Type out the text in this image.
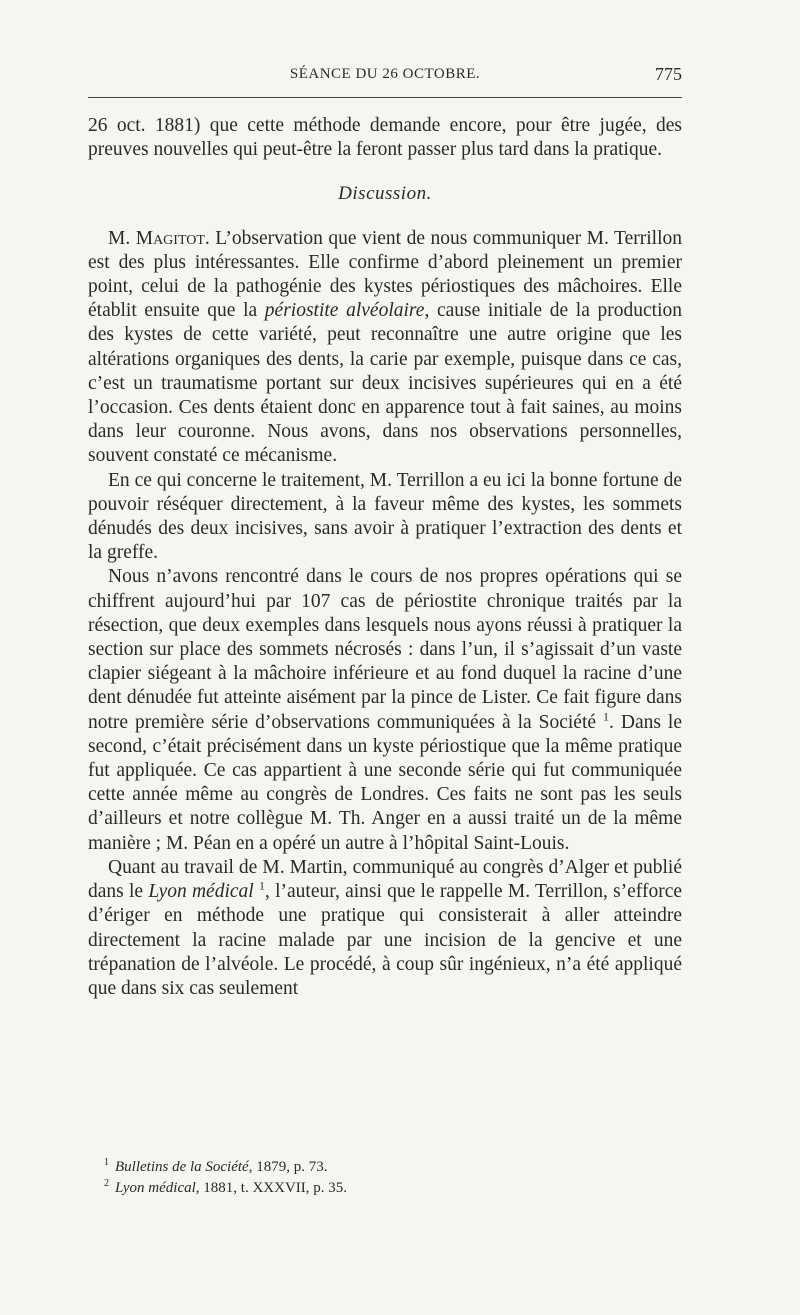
SÉANCE DU 26 OCTOBRE.	775

26 oct. 1881) que cette méthode demande encore, pour être jugée, des preuves nouvelles qui peut-être la feront passer plus tard dans la pratique.

Discussion.

M. Magitot. L’observation que vient de nous communiquer M. Terrillon est des plus intéressantes. Elle confirme d’abord pleinement un premier point, celui de la pathogénie des kystes périostiques des mâchoires. Elle établit ensuite que la périostite alvéolaire, cause initiale de la production des kystes de cette variété, peut reconnaître une autre origine que les altérations organiques des dents, la carie par exemple, puisque dans ce cas, c’est un traumatisme portant sur deux incisives supérieures qui en a été l’occasion. Ces dents étaient donc en apparence tout à fait saines, au moins dans leur couronne. Nous avons, dans nos observations personnelles, souvent constaté ce mécanisme.

En ce qui concerne le traitement, M. Terrillon a eu ici la bonne fortune de pouvoir réséquer directement, à la faveur même des kystes, les sommets dénudés des deux incisives, sans avoir à pratiquer l’extraction des dents et la greffe.

Nous n’avons rencontré dans le cours de nos propres opérations qui se chiffrent aujourd’hui par 107 cas de périostite chronique traités par la résection, que deux exemples dans lesquels nous ayons réussi à pratiquer la section sur place des sommets nécrosés : dans l’un, il s’agissait d’un vaste clapier siégeant à la mâchoire inférieure et au fond duquel la racine d’une dent dénudée fut atteinte aisément par la pince de Lister. Ce fait figure dans notre première série d’observations communiquées à la Société $^1$. Dans le second, c’était précisément dans un kyste périostique que la même pratique fut appliquée. Ce cas appartient à une seconde série qui fut communiquée cette année même au congrès de Londres. Ces faits ne sont pas les seuls d’ailleurs et notre collègue M. Th. Anger en a aussi traité un de la même manière ; M. Péan en a opéré un autre à l’hôpital Saint-Louis.

Quant au travail de M. Martin, communiqué au congrès d’Alger et publié dans le Lyon médical $^1$, l’auteur, ainsi que le rappelle M. Terrillon, s’efforce d’ériger en méthode une pratique qui consisterait à aller atteindre directement la racine malade par une incision de la gencive et une trépanation de l’alvéole. Le procédé, à coup sûr ingénieux, n’a été appliqué que dans six cas seulement

$^1$ Bulletins de la Société, 1879, p. 73.
$^2$ Lyon médical, 1881, t. XXXVII, p. 35.
